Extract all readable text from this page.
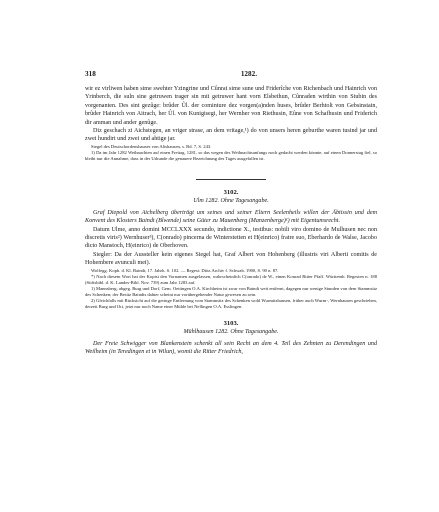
318	1282.

wir ez virliwen haben sime swehter Yzingrine und Cûnrat sime sune und Friderîche von Richenbach und Hainrich von Yrinberch, die suln sine getruwen trager sin mit getruwer hant vorn Elsbethun, Cûnraden wirthin von Stubin des vorgenanten. Des sint gezûge: brûder Ûl. der cominture dez vorgen(a)nden huses, brûder Berhtolt von Gebsinstain, brûder Hainrich von Aitrach, her Ûl. von Kunigisegi, her Wernher von Riethusin, Eûne von Schafhusin und Friderich dir amman und ander genûge.

Diz geschach zi Aichstegen, an vriger strase, an dem vritage,¹) do von unsers heren geburthe waren tusind jar und zwei hundirt und zwei und ahtige jar.

Siegel des Deutschordenshauses von Altshausen, s. Bd. 7, S. 243.

1) Da im Jahr 1282 Weihnachten auf einen Freitag, 1281, so das wegen des Weihnachtsanfangs noch gedacht werden könnte, auf einen Donnerstag fiel, so bleibt nur die Annahme, dass in der Urkunde die genauere Bezeichnung des Tages ausgefallen ist.

3102.
Ulm 1282. Ohne Tagesangabe.

Graf Diepold von Aichelberg überträgt um seines und seiner Eltern Seelenheils willen der Äbtissin und dem Konvent des Klosters Baindt (Bîwende) seine Güter zu Mauenberg (Manzenberge)¹) mit Eigentumsrecht.

Datum Ulme, anno domini MCCLXXX secundo, indictione X., testibus: nobili viro domino de Mulhusen nec non discretis viris²) Wernhuser³), C(onrado) pincerna de Winterstetten et H(einrico) fratre suo, Eberhardo de Walse, Jacobo dicto Manstoch, H(einrico) de Oberhoven.

Siegler: Da der Aussteller kein eigenes Siegel hat, Graf Albert von Hohenberg (illustris viri Alberti comitis de Hohembere avunculi mei).

Wolfegg. Kopb. d. Kl. Baindt, 17. Jahrh. S. 102. — Regest: Diöz.Archiv f. Schwab. 1900, S. 90 n. 87.

*) Nach diesem Wort hat der Kopist den Vornamen ausgelassen, wahrscheinlich C(onrado) de W., einen Konrad Ritter Pfaff. Württemb. Regesten n. 188 (Stiftsbibl. d. K. Landes-Bibl. Nov. 739) zum Jahr 1283 auf.

1) Mannsberg, abgeg. Burg und Dorf, Gem. Oettingen O.A. Kirchheim ist zwar von Baindt weit entfernt, dagegen nur wenige Stunden von dem Stammsitz des Schenken; der Besitz Baindts dahier scheint nur vorübergehender Natur gewesen zu sein.

2) Gleichfalls mit Rücksicht auf die geringe Entfernung vom Stammsitz des Schenken wohl Wurmitzhausen, früher auch Wurm-, Wernhausen geschrieben, derzeit Burg und Ort, jetzt nur noch Name einer Mühle bei Nellingen O.A. Esslingen.

3103.
Mühlhausen 1282. Ohne Tagesangabe.

Der Freie Schwigger von Blankenstein schenkt all sein Recht an dem 4. Teil des Zehnten zu Derendingen und Weilheim (in Teredingen et in Wilun), womit die Ritter Friedrich,
